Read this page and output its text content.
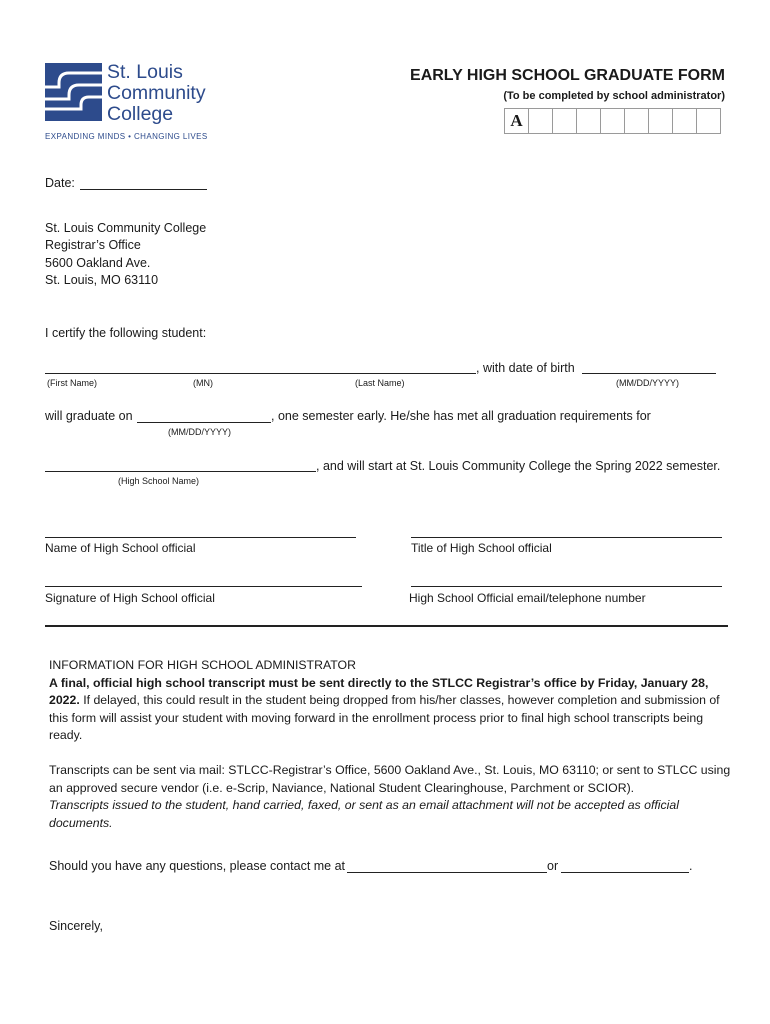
St. Louis
Community
College
EXPANDING MINDS • CHANGING LIVES
EARLY HIGH SCHOOL GRADUATE FORM
(To be completed by school administrator)
A
Date:
St. Louis Community College
Registrar’s Office
5600 Oakland Ave.
St. Louis, MO 63110
I certify the following student:
, with date of birth
(First Name)	(MN)	(Last Name)	(MM/DD/YYYY)
will graduate on	, one semester early. He/she has met all graduation requirements for
(MM/DD/YYYY)
, and will start at St. Louis Community College the Spring 2022 semester.
(High School Name)
Name of High School official	Title of High School official
Signature of High School official	High School Official email/telephone number

INFORMATION FOR HIGH SCHOOL ADMINISTRATOR

A final, official high school transcript must be sent directly to the STLCC Registrar’s office by Friday, January 28, 2022. If delayed, this could result in the student being dropped from his/her classes, however completion and submission of this form will assist your student with moving forward in the enrollment process prior to final high school transcripts being ready.

Transcripts can be sent via mail: STLCC-Registrar’s Office, 5600 Oakland Ave., St. Louis, MO 63110; or sent to STLCC using an approved secure vendor (i.e. e-Scrip, Naviance, National Student Clearinghouse, Parchment or SCIOR).

Transcripts issued to the student, hand carried, faxed, or sent as an email attachment will not be accepted as official documents.

Should you have any questions, please contact me at	or	.
Sincerely,
